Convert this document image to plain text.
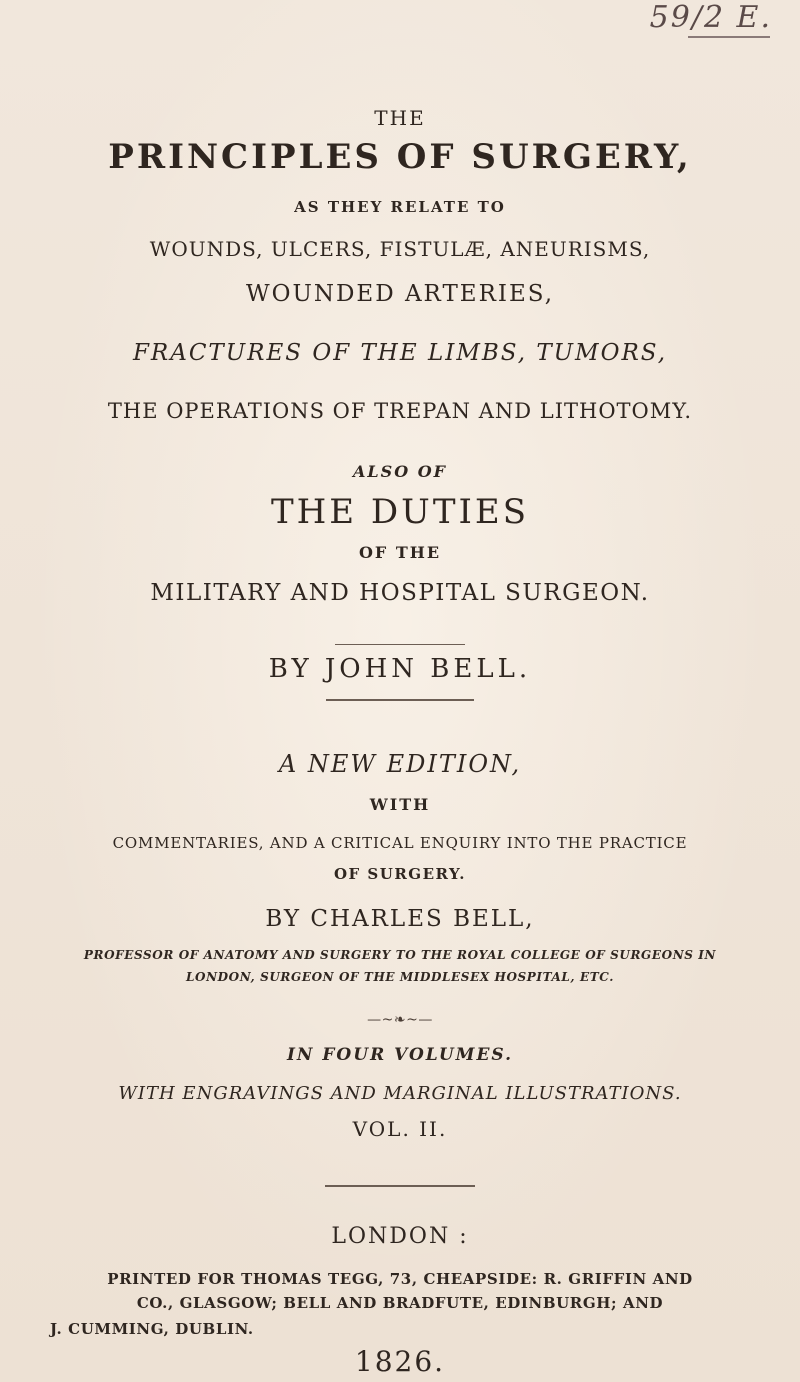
59/2 E.
THE
PRINCIPLES OF SURGERY,
AS THEY RELATE TO
WOUNDS, ULCERS, FISTULÆ, ANEURISMS,
WOUNDED ARTERIES,
FRACTURES OF THE LIMBS, TUMORS,
THE OPERATIONS OF TREPAN AND LITHOTOMY.
ALSO OF
THE DUTIES
OF THE
MILITARY AND HOSPITAL SURGEON.
BY JOHN BELL.
A NEW EDITION,
WITH
COMMENTARIES, AND A CRITICAL ENQUIRY INTO THE PRACTICE
OF SURGERY.
BY CHARLES BELL,
PROFESSOR OF ANATOMY AND SURGERY TO THE ROYAL COLLEGE OF SURGEONS IN
LONDON, SURGEON OF THE MIDDLESEX HOSPITAL, ETC.
—~❧~—
IN FOUR VOLUMES.
WITH ENGRAVINGS AND MARGINAL ILLUSTRATIONS.
VOL. II.
LONDON :
PRINTED FOR THOMAS TEGG, 73, CHEAPSIDE: R. GRIFFIN AND
CO., GLASGOW; BELL AND BRADFUTE, EDINBURGH; AND
J. CUMMING, DUBLIN.
1826.
